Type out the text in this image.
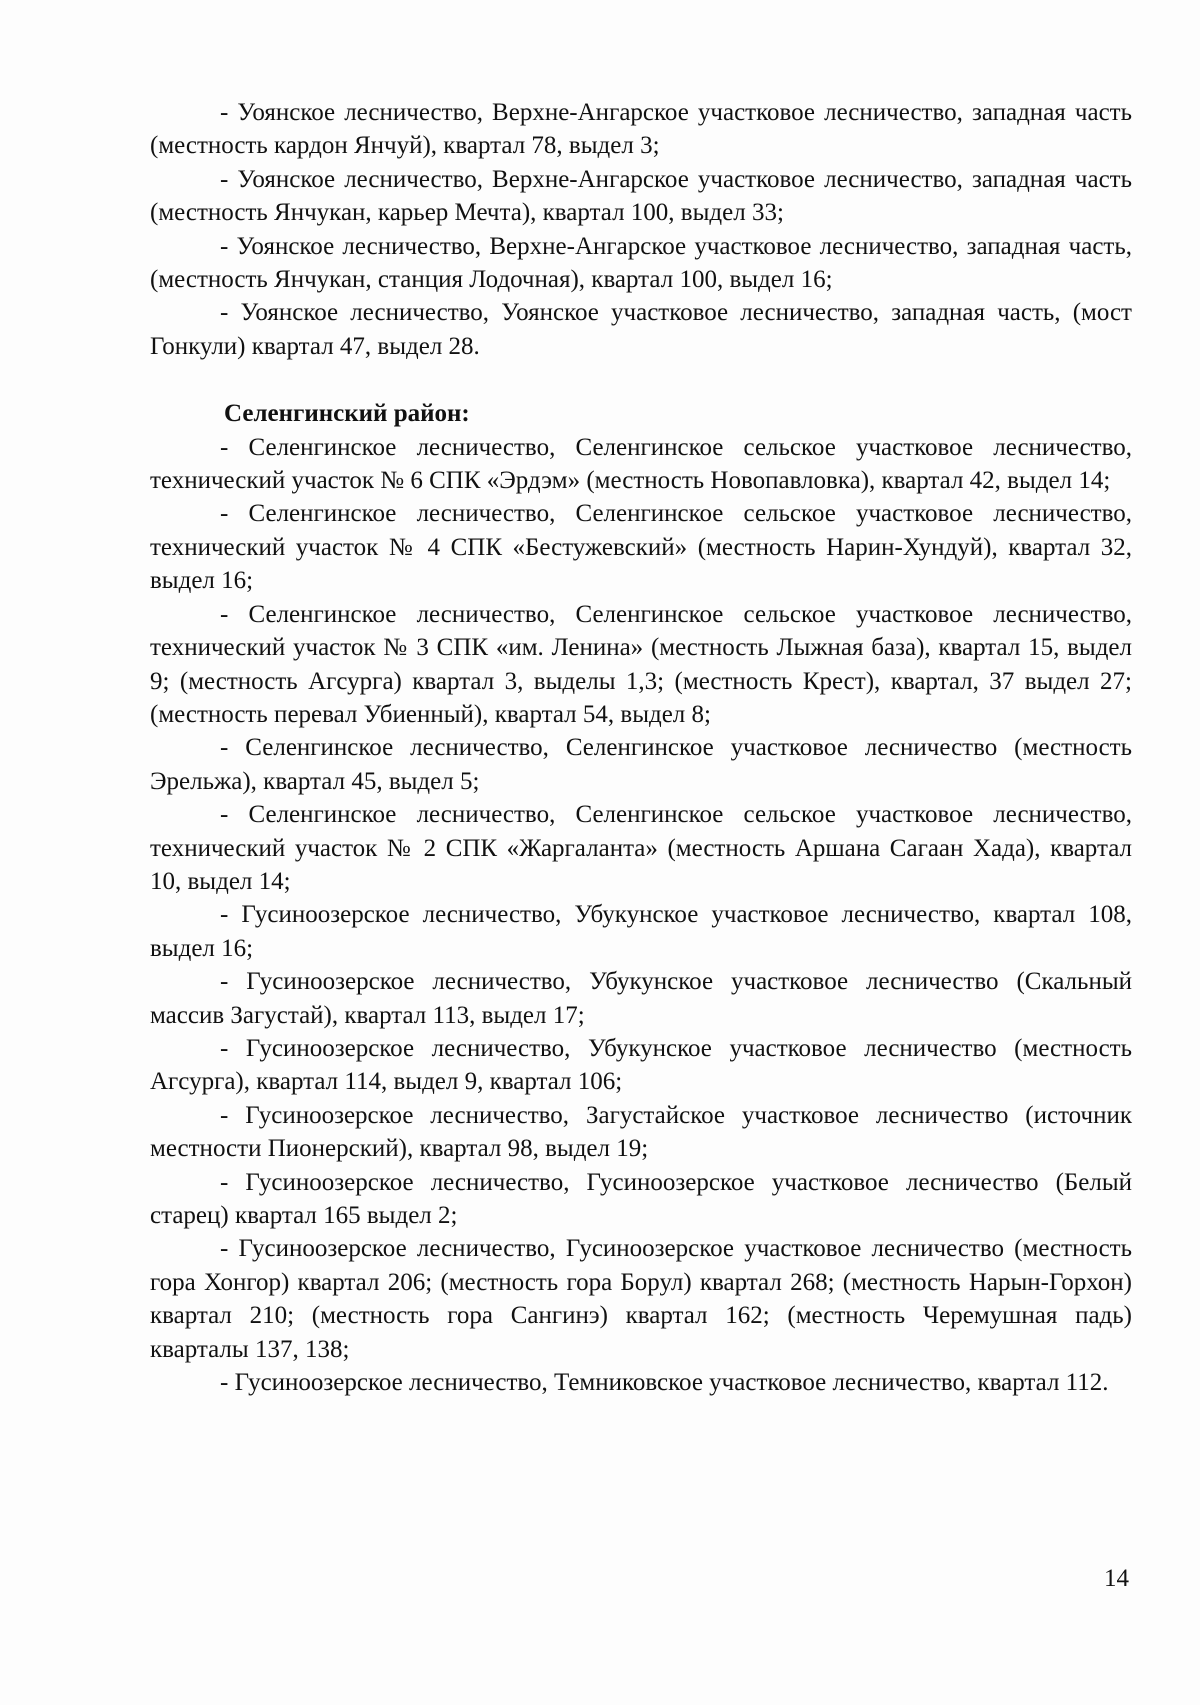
- Уоянское лесничество, Верхне-Ангарское участковое лесничество, западная часть (местность кардон Янчуй), квартал 78, выдел 3;

- Уоянское лесничество, Верхне-Ангарское участковое лесничество, западная часть (местность Янчукан, карьер Мечта), квартал 100, выдел 33;

- Уоянское лесничество, Верхне-Ангарское участковое лесничество, западная часть, (местность Янчукан, станция Лодочная), квартал 100, выдел 16;

- Уоянское лесничество, Уоянское участковое лесничество, западная часть, (мост Гонкули) квартал 47, выдел 28.

Селенгинский район:

- Селенгинское лесничество, Селенгинское сельское участковое лесничество, технический участок № 6 СПК «Эрдэм» (местность Новопавловка), квартал 42, выдел 14;

- Селенгинское лесничество, Селенгинское сельское участковое лесничество, технический участок № 4 СПК «Бестужевский» (местность Нарин-Хундуй), квартал 32, выдел 16;

- Селенгинское лесничество, Селенгинское сельское участковое лесничество, технический участок № 3 СПК «им. Ленина» (местность Лыжная база), квартал 15, выдел 9; (местность Агсурга) квартал 3, выделы 1,3; (местность Крест), квартал, 37 выдел 27; (местность перевал Убиенный), квартал 54, выдел 8;

- Селенгинское лесничество, Селенгинское участковое лесничество (местность Эрельжа), квартал 45, выдел 5;

- Селенгинское лесничество, Селенгинское сельское участковое лесничество, технический участок № 2 СПК «Жаргаланта» (местность Аршана Сагаан Хада), квартал 10, выдел 14;

- Гусиноозерское лесничество, Убукунское участковое лесничество, квартал 108, выдел 16;

- Гусиноозерское лесничество, Убукунское участковое лесничество (Скальный массив Загустай), квартал 113, выдел 17;

- Гусиноозерское лесничество, Убукунское участковое лесничество (местность Агсурга), квартал 114, выдел 9, квартал 106;

- Гусиноозерское лесничество, Загустайское участковое лесничество (источник местности Пионерский), квартал 98, выдел 19;

- Гусиноозерское лесничество, Гусиноозерское участковое лесничество (Белый старец) квартал 165 выдел 2;

- Гусиноозерское лесничество, Гусиноозерское участковое лесничество (местность гора Хонгор) квартал 206; (местность гора Борул) квартал 268; (местность Нарын-Горхон) квартал 210; (местность гора Сангинэ) квартал 162; (местность Черемушная падь) кварталы 137, 138;

- Гусиноозерское лесничество, Темниковское участковое лесничество, квартал 112.

14
